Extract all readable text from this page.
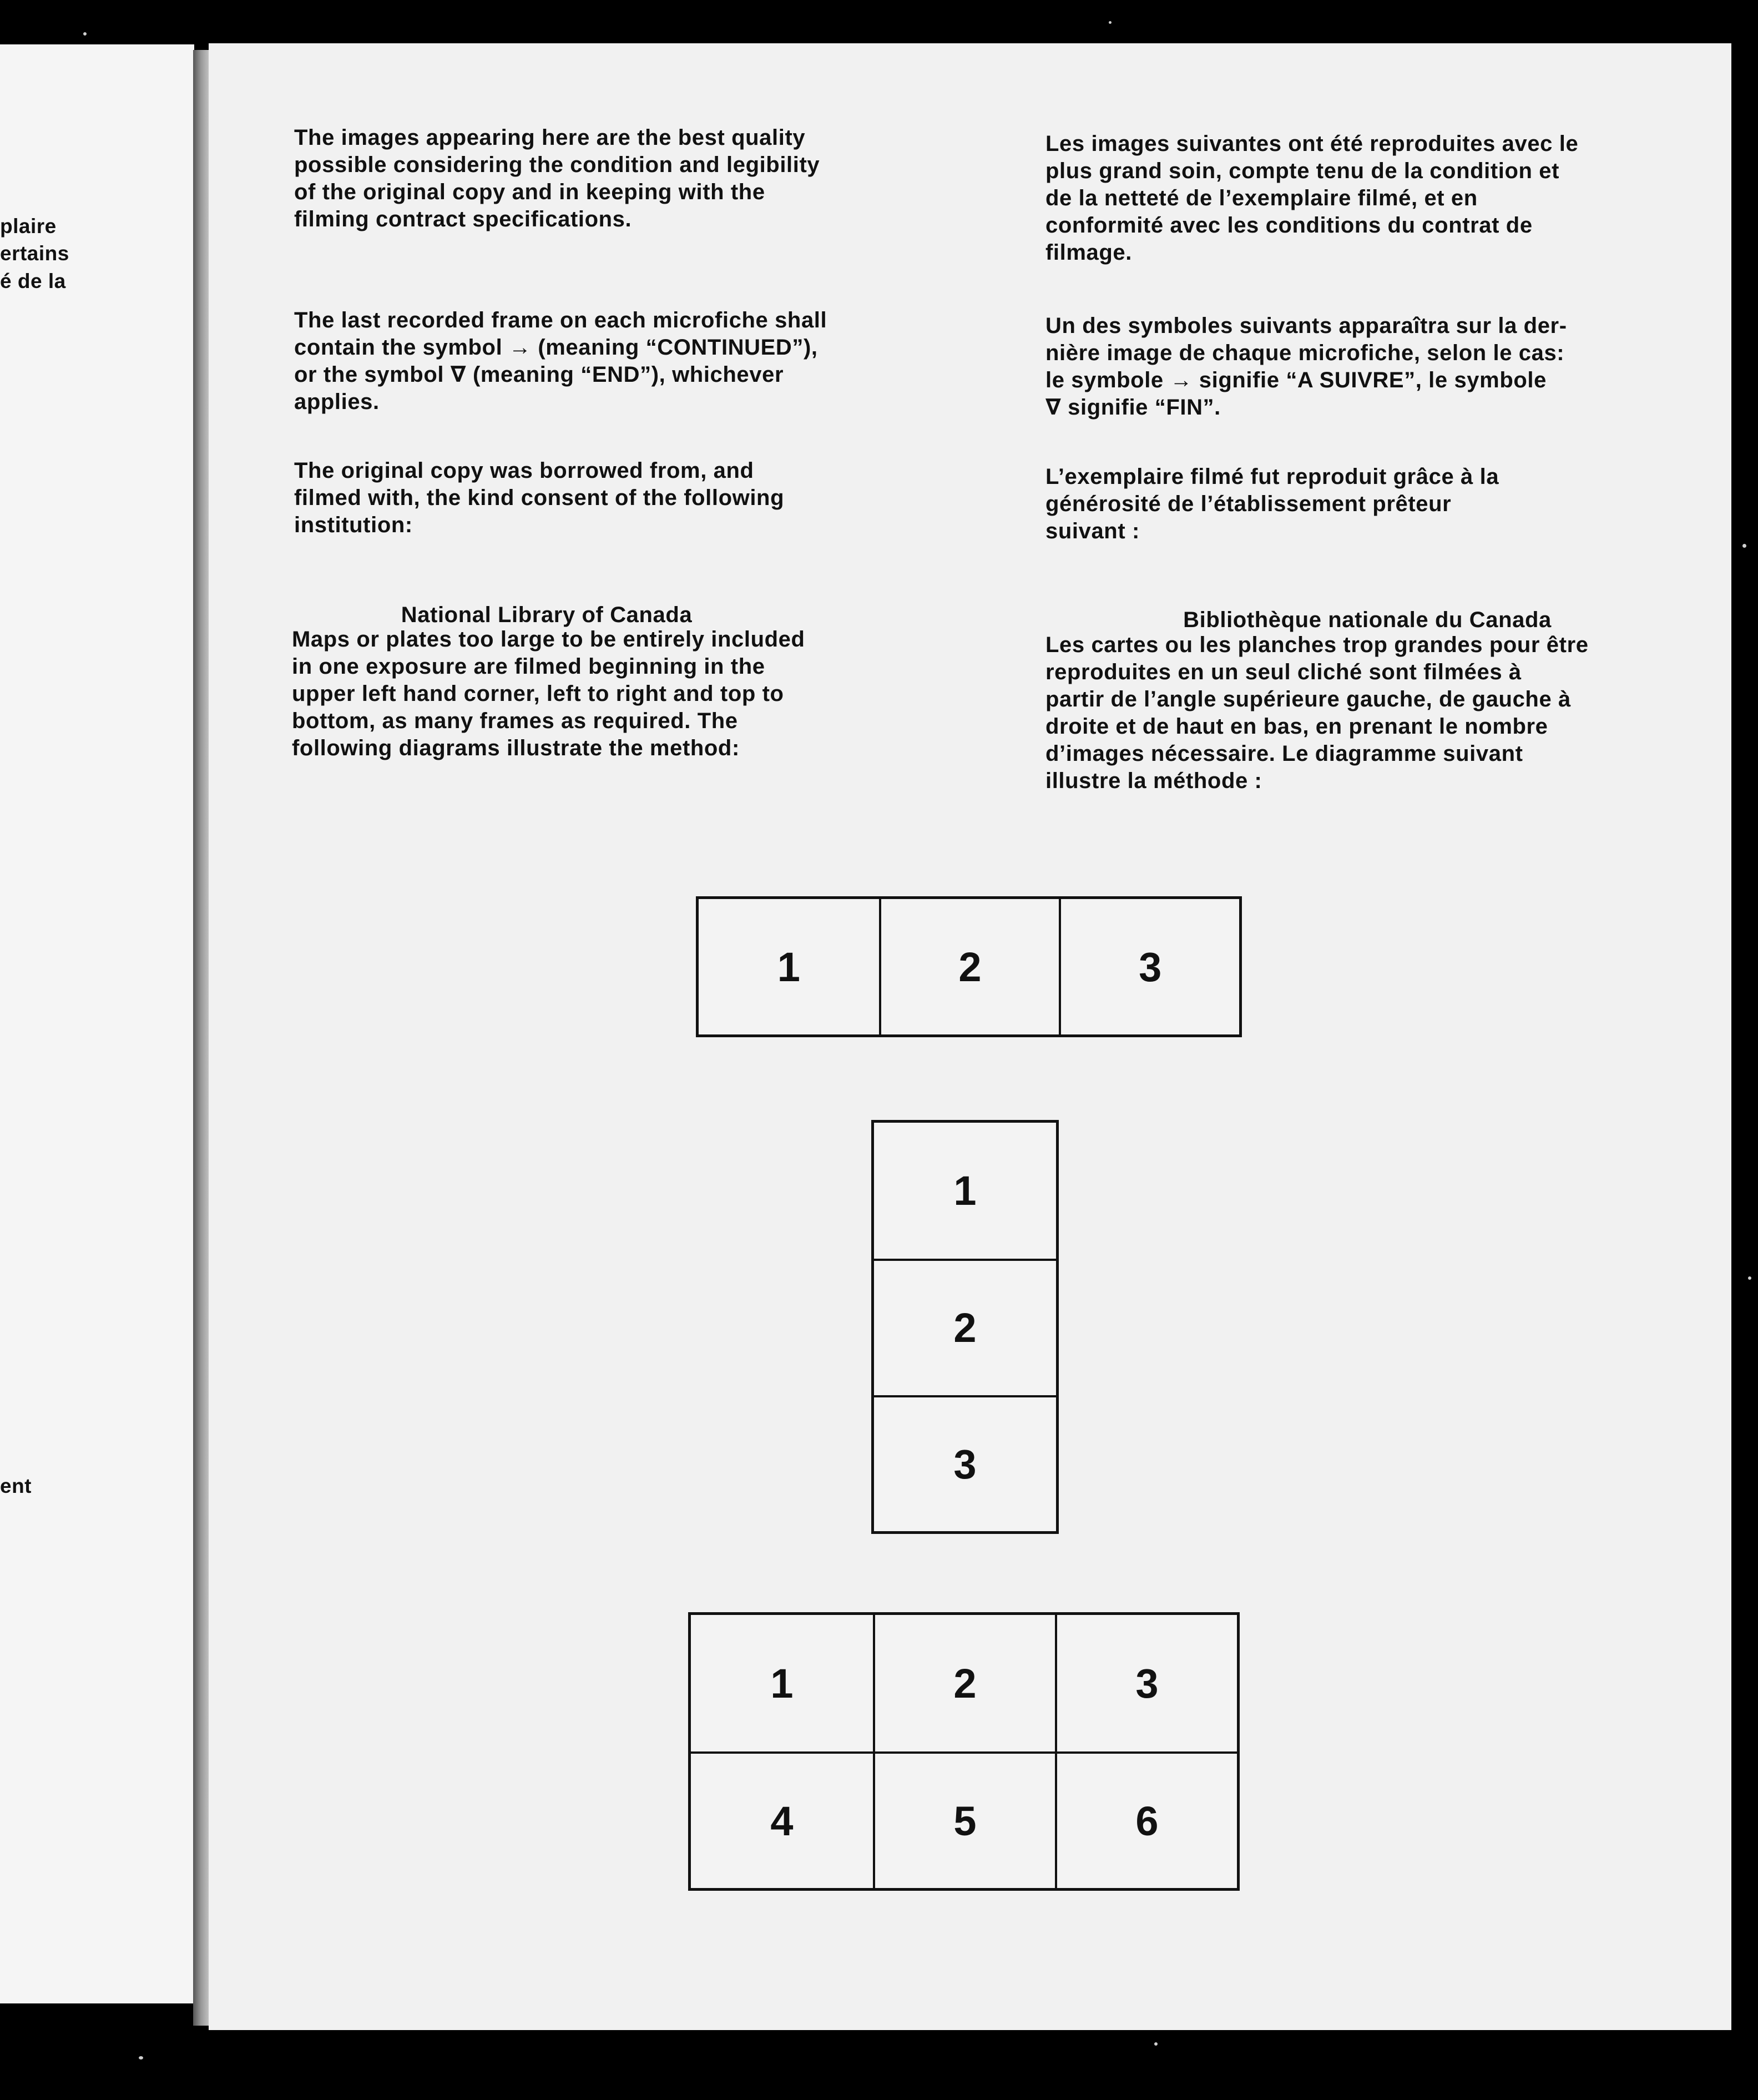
plaire
ertains
é de la
ent
The images appearing here are the best quality
possible considering the condition and legibility
of the original copy and in keeping with the
filming contract specifications.
The last recorded frame on each microfiche shall
contain the symbol → (meaning “CONTINUED”),
or the symbol ∇ (meaning “END”), whichever
applies.
The original copy was borrowed from, and
filmed with, the kind consent of the following
institution:

National Library of Canada

Maps or plates too large to be entirely included
in one exposure are filmed beginning in the
upper left hand corner, left to right and top to
bottom, as many frames as required. The
following diagrams illustrate the method:
Les images suivantes ont été reproduites avec le
plus grand soin, compte tenu de la condition et
de la netteté de l’exemplaire filmé, et en
conformité avec les conditions du contrat de
filmage.
Un des symboles suivants apparaîtra sur la der-
nière image de chaque microfiche, selon le cas:
le symbole → signifie “A SUIVRE”, le symbole
∇ signifie “FIN”.
L’exemplaire filmé fut reproduit grâce à la
générosité de l’établissement prêteur
suivant :

Bibliothèque nationale du Canada

Les cartes ou les planches trop grandes pour être
reproduites en un seul cliché sont filmées à
partir de l’angle supérieure gauche, de gauche à
droite et de haut en bas, en prenant le nombre
d’images nécessaire. Le diagramme suivant
illustre la méthode :
1	2	3
1
2
3
1	2	3
4	5	6
